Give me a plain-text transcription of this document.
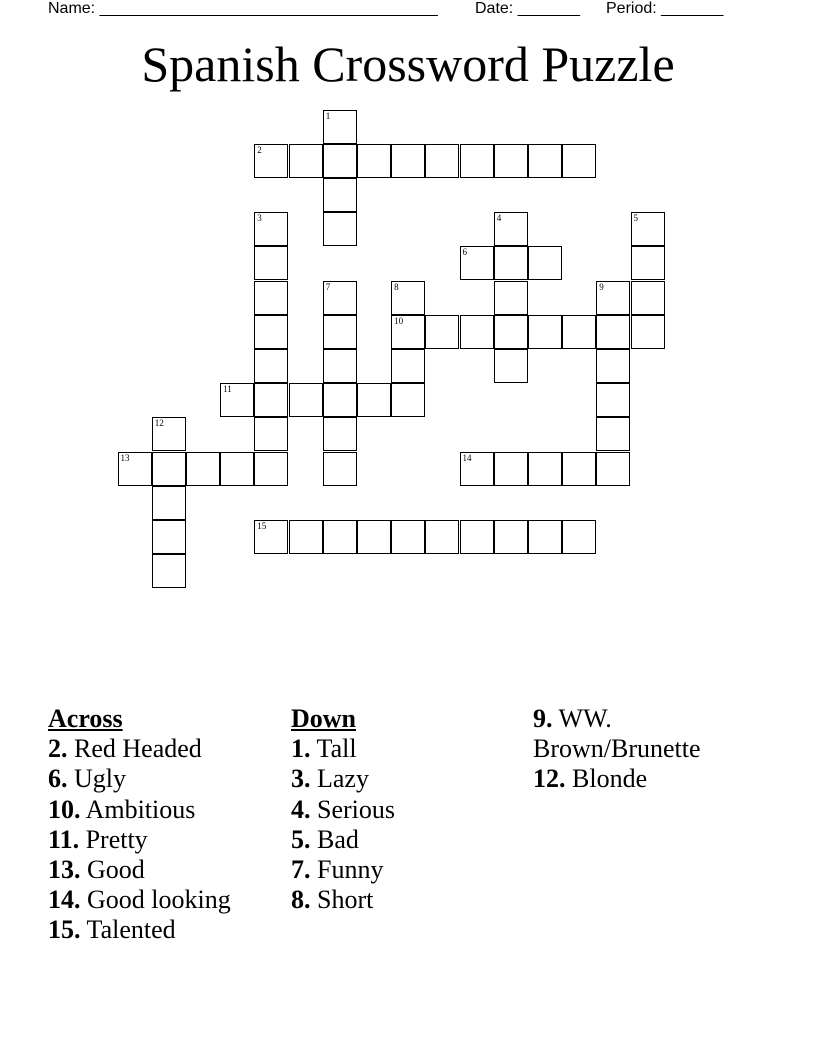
Name: ______________________________________ Date: _______ Period: _______
Spanish Crossword Puzzle
1
2
3	4	5
6
7	8	9
10
11
12
13	14
15
Across
2. Red Headed
6. Ugly
10. Ambitious
11. Pretty
13. Good
14. Good looking
15. Talented
Down
1. Tall
3. Lazy
4. Serious
5. Bad
7. Funny
8. Short
9. WW.
Brown/Brunette
12. Blonde
